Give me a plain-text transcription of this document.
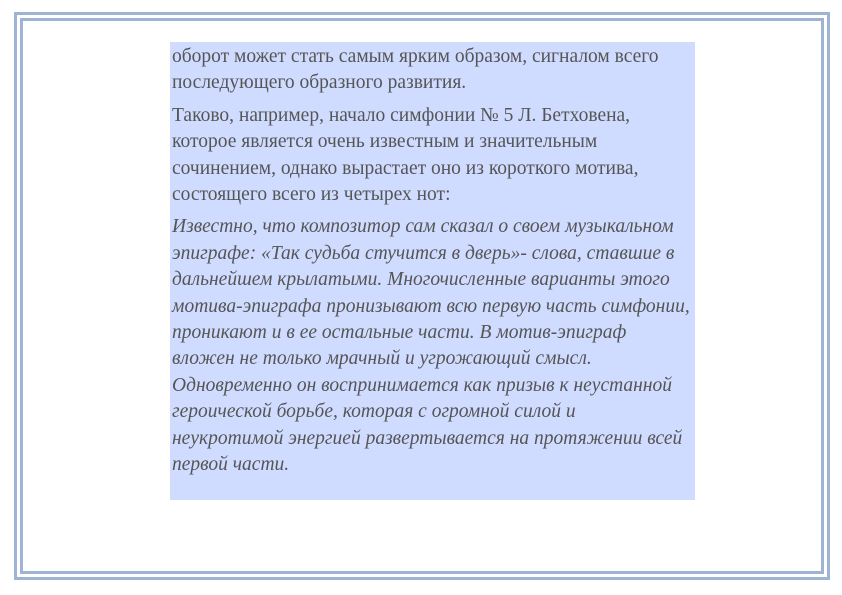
оборот может стать самым ярким образом, сигналом всего последующего образного развития.

Таково, например, начало симфонии № 5 Л. Бетховена, которое является очень известным и значительным сочинением, однако вырастает оно из короткого мотива, состоящего всего из четырех нот:

Известно, что композитор сам сказал о своем музыкальном эпиграфе: «Так судьба стучится в дверь»- слова, ставшие в дальнейшем крылатыми. Многочисленные варианты этого мотива-эпиграфа пронизывают всю первую часть симфонии, проникают и в ее остальные части. В мотив-эпиграф вложен не только мрачный и угрожающий смысл. Одновременно он воспринимается как призыв к неустанной героической борьбе, которая с огромной силой и неукротимой энергией развертывается на протяжении всей первой части.
